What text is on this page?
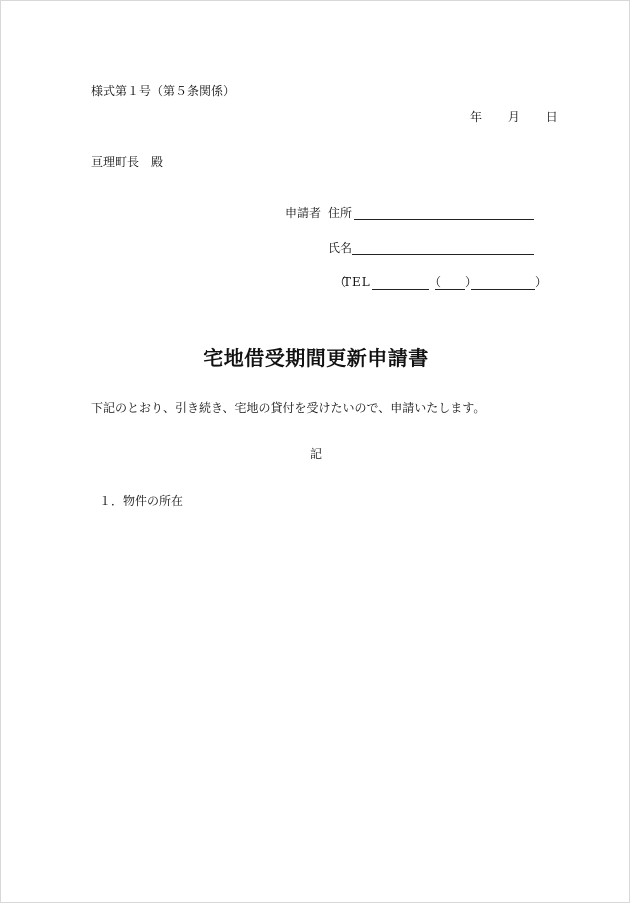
様式第１号（第５条関係）
年 月 日
亘理町長 殿
申請者 住所
氏名
（
TEL	（ ）	）
宅地借受期間更新申請書
下記のとおり、引き続き、宅地の貸付を受けたいので、申請いたします。
記
１．物件の所在
